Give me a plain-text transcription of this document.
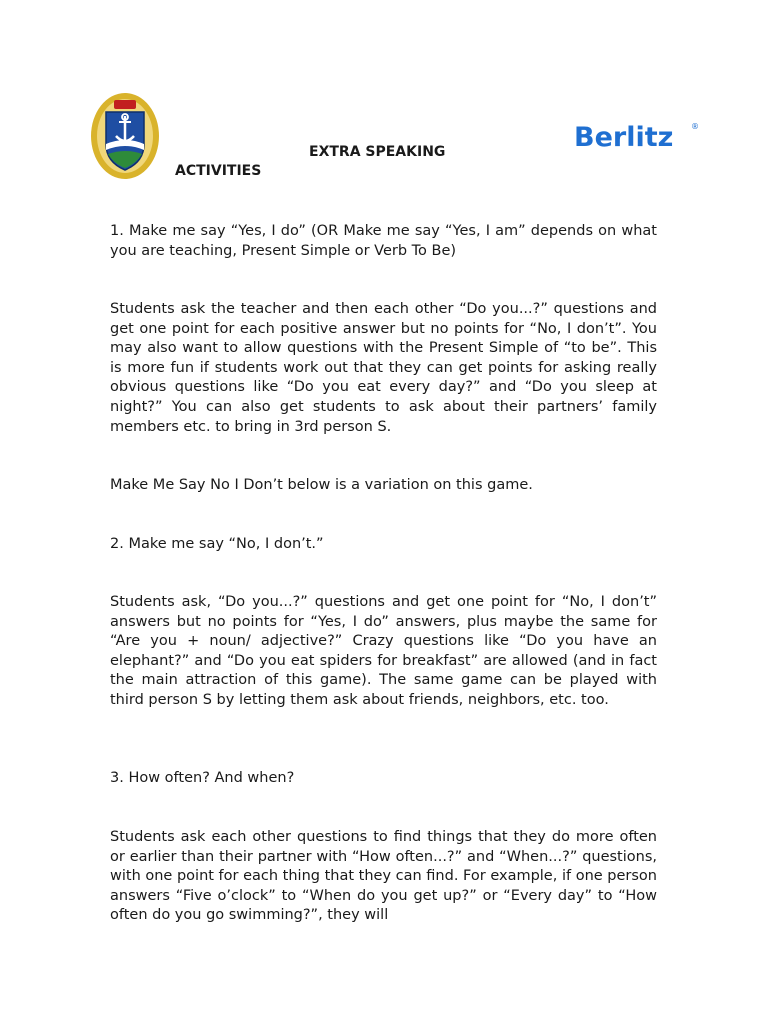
Berlitz ®
EXTRA SPEAKING
ACTIVITIES

1. Make me say “Yes, I do” (OR Make me say “Yes, I am” depends on what you are teaching, Present Simple or Verb To Be)

Students ask the teacher and then each other “Do you...?” questions and get one point for each positive answer but no points for “No, I don’t”. You may also want to allow questions with the Present Simple of “to be”. This is more fun if students work out that they can get points for asking really obvious questions like “Do you eat every day?” and “Do you sleep at night?” You can also get students to ask about their partners’ family members etc. to bring in 3rd person S.

Make Me Say No I Don’t below is a variation on this game.

2. Make me say “No, I don’t.”

Students ask, “Do you...?” questions and get one point for “No, I don’t” answers but no points for “Yes, I do” answers, plus maybe the same for “Are you + noun/ adjective?” Crazy questions like “Do you have an elephant?” and “Do you eat spiders for breakfast” are allowed (and in fact the main attraction of this game). The same game can be played with third person S by letting them ask about friends, neighbors, etc. too.

3. How often? And when?

Students ask each other questions to find things that they do more often or earlier than their partner with “How often...?” and “When...?” questions, with one point for each thing that they can find. For example, if one person answers “Five o’clock” to “When do you get up?” or “Every day” to “How often do you go swimming?”, they will
